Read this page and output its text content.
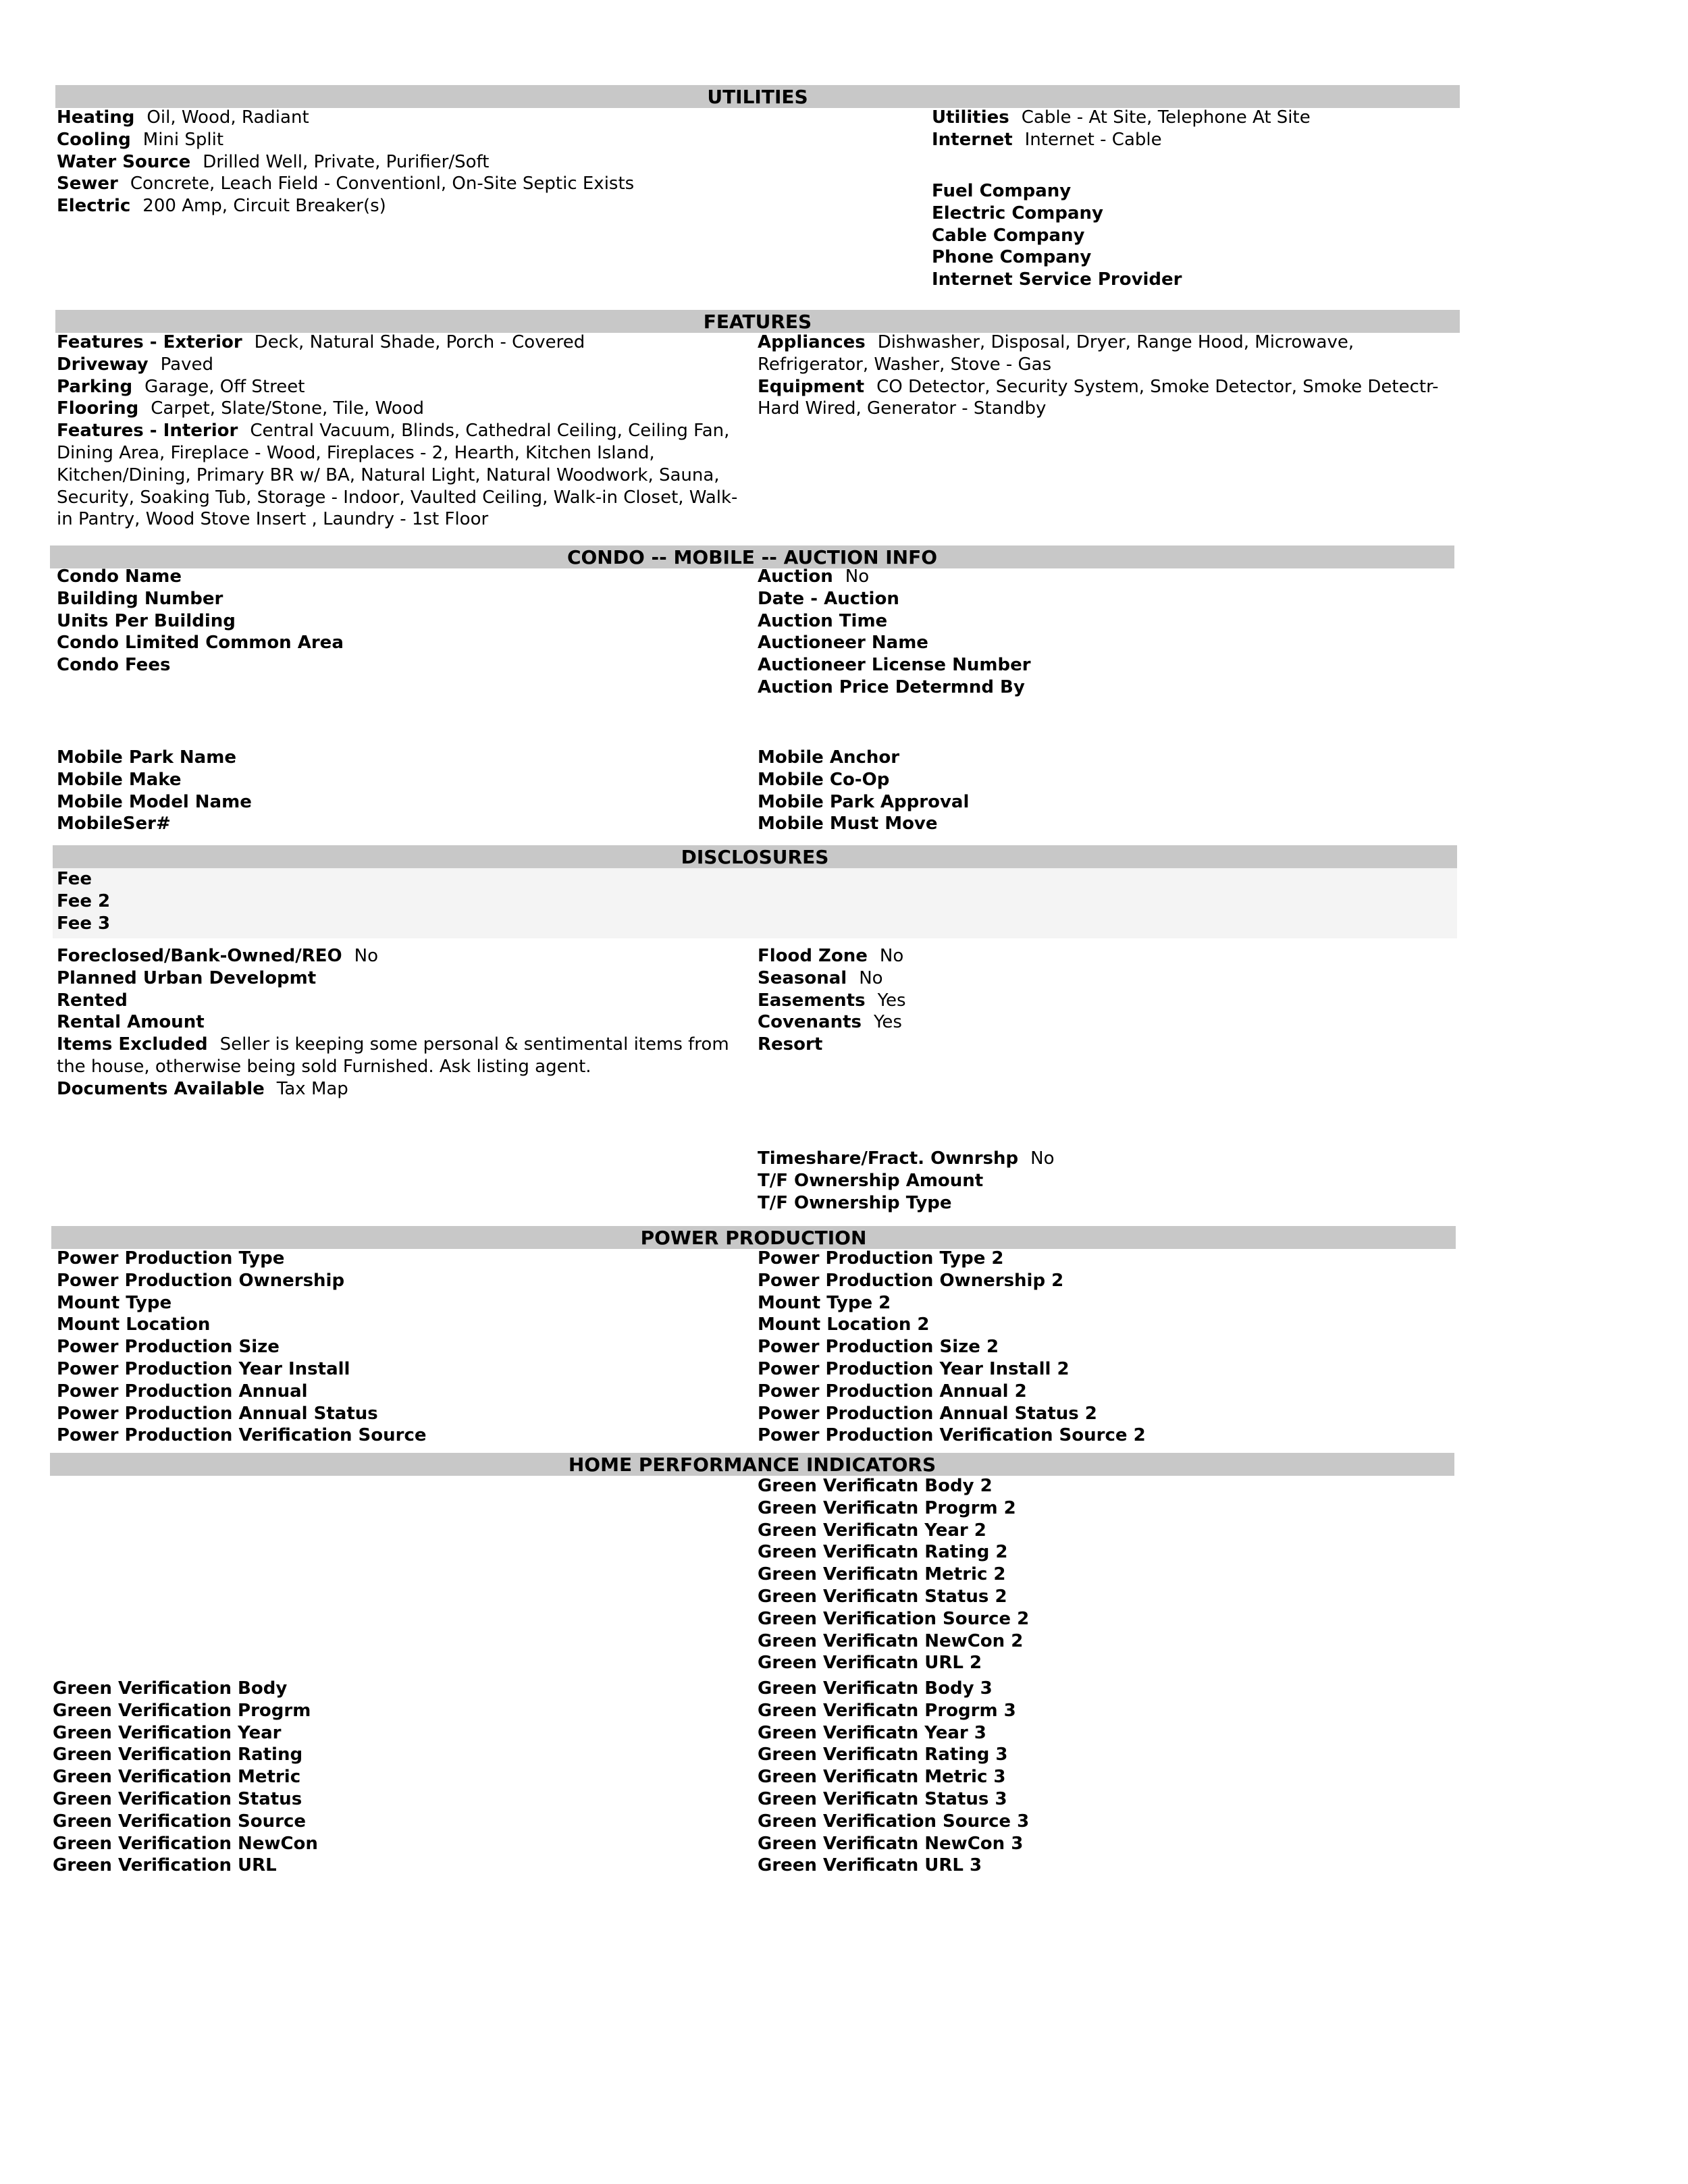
UTILITIES
Heating Oil, Wood, Radiant
Cooling Mini Split
Water Source Drilled Well, Private, Purifier/Soft
Sewer Concrete, Leach Field - Conventionl, On-Site Septic Exists
Electric 200 Amp, Circuit Breaker(s)
Utilities Cable - At Site, Telephone At Site
Internet Internet - Cable
Fuel Company
Electric Company
Cable Company
Phone Company
Internet Service Provider
FEATURES
Features - Exterior Deck, Natural Shade, Porch - Covered
Driveway Paved
Parking Garage, Off Street
Flooring Carpet, Slate/Stone, Tile, Wood
Features - Interior Central Vacuum, Blinds, Cathedral Ceiling, Ceiling Fan, Dining Area, Fireplace - Wood, Fireplaces - 2, Hearth, Kitchen Island, Kitchen/Dining, Primary BR w/ BA, Natural Light, Natural Woodwork, Sauna, Security, Soaking Tub, Storage - Indoor, Vaulted Ceiling, Walk-in Closet, Walk-in Pantry, Wood Stove Insert , Laundry - 1st Floor
Appliances Dishwasher, Disposal, Dryer, Range Hood, Microwave, Refrigerator, Washer, Stove - Gas
Equipment CO Detector, Security System, Smoke Detector, Smoke Detectr-Hard Wired, Generator - Standby
CONDO -- MOBILE -- AUCTION INFO
Condo Name
Building Number
Units Per Building
Condo Limited Common Area
Condo Fees
Auction No
Date - Auction
Auction Time
Auctioneer Name
Auctioneer License Number
Auction Price Determnd By
Mobile Park Name
Mobile Make
Mobile Model Name
MobileSer#
Mobile Anchor
Mobile Co-Op
Mobile Park Approval
Mobile Must Move
DISCLOSURES
Fee
Fee 2
Fee 3
Foreclosed/Bank-Owned/REO No
Planned Urban Developmt
Rented
Rental Amount
Items Excluded Seller is keeping some personal & sentimental items from the house, otherwise being sold Furnished. Ask listing agent.
Documents Available Tax Map
Flood Zone No
Seasonal No
Easements Yes
Covenants Yes
Resort
Timeshare/Fract. Ownrshp No
T/F Ownership Amount
T/F Ownership Type
POWER PRODUCTION
Power Production Type
Power Production Ownership
Mount Type
Mount Location
Power Production Size
Power Production Year Install
Power Production Annual
Power Production Annual Status
Power Production Verification Source
Power Production Type 2
Power Production Ownership 2
Mount Type 2
Mount Location 2
Power Production Size 2
Power Production Year Install 2
Power Production Annual 2
Power Production Annual Status 2
Power Production Verification Source 2
HOME PERFORMANCE INDICATORS
Green Verificatn Body 2
Green Verificatn Progrm 2
Green Verificatn Year 2
Green Verificatn Rating 2
Green Verificatn Metric 2
Green Verificatn Status 2
Green Verification Source 2
Green Verificatn NewCon 2
Green Verificatn URL 2
Green Verification Body
Green Verification Progrm
Green Verification Year
Green Verification Rating
Green Verification Metric
Green Verification Status
Green Verification Source
Green Verification NewCon
Green Verification URL
Green Verificatn Body 3
Green Verificatn Progrm 3
Green Verificatn Year 3
Green Verificatn Rating 3
Green Verificatn Metric 3
Green Verificatn Status 3
Green Verification Source 3
Green Verificatn NewCon 3
Green Verificatn URL 3
